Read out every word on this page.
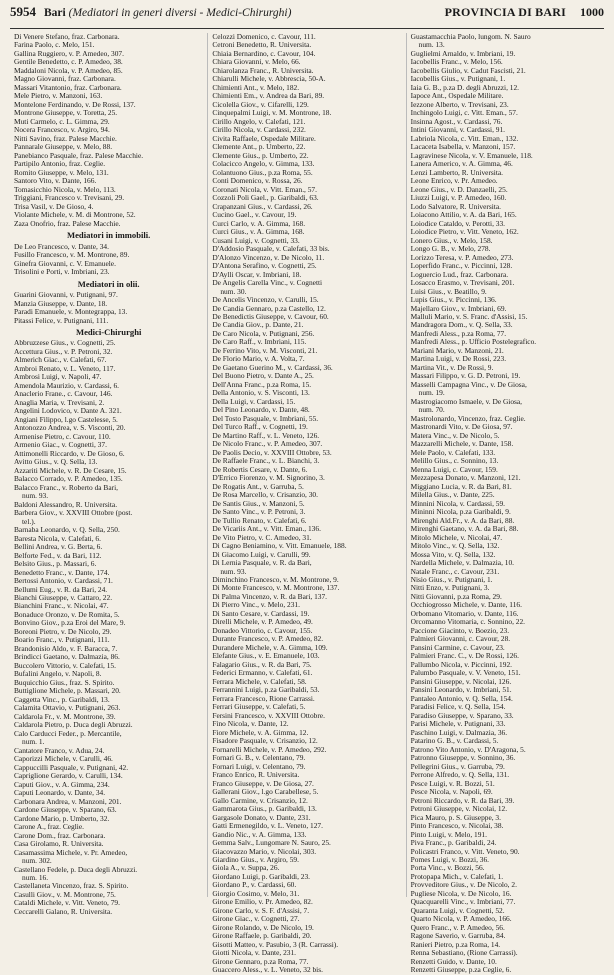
5954 Bari (Mediatori in generi diversi - Medici-Chirurghi)	PROVINCIA DI BARI 1000
Di Venere Stefano, fraz. Carbonara.
Farina Paolo, c. Melo, 151.
Gallina Ruggiero, v. P. Amedeo, 307.
Gentile Benedetto, c. P. Amedeo, 38.
Maddaloni Nicola, v. P. Amedeo, 85.
Magno Giovanni, fraz. Carbonara.
Massari Vitantonio, fraz. Carbonara.
Mele Pietro, v. Manzoni, 163.
Montelone Ferdinando, v. De Rossi, 137.
Montrone Giuseppe, v. Toretta, 25.
Muti Carmelo, c. L. Gimma, 29.
Nocera Francesco, v. Argiro, 94.
Nitti Savino, fraz. Palese Macchie.
Pannarale Giuseppe, v. Melo, 88.
Panebianco Pasquale, fraz. Palese Macchie.
Partipilo Antonio, fraz. Ceglie.
Romito Giuseppe, v. Melo, 131.
Santoro Vito, v. Dante, 166.
Tomasicchio Nicola, v. Melo, 113.
Triggiani, Francesco v. Trevisani, 29.
Trisa Vasil, v. De Gioso, 4.
Violante Michele, v. M. di Montrone, 52.
Zaza Onofrio, fraz. Palese Macchie.
Mediatori in immobili.
De Leo Francesco, v. Dante, 34.
Fusillo Francesco, v. M. Montrone, 89.
Ginefra Giovanni, c. V. Emanuele.
Trisolini e Porti, v. Imbriani, 23.
Mediatori in olii.
Guarini Giovanni, v. Putignani, 97.
Manzia Giuseppe, v. Dante, 18.
Paradi Emanuele, v. Montegrappa, 13.
Pitassi Felice, v. Putignani, 111.
Medici-Chirurghi
Abbruzzese Gius., v. Cognetti, 25.
Accettura Gius., v. P. Petroni, 32.
Almerich Giac., v. Calefati, 67.
Ambroi Renato, v. L. Veneto, 117.
Ambrosi Luigi, v. Napoli, 47.
Amendola Maurizio, v. Cardassi, 6.
Anaclerio Frane., c. Cavour, 146.
Anaglia Maria, v. Trevisani, 2.
Angelini Lodovico, v. Dante A. 321.
Angiani Filippo, l.go Castelesse, 5.
Antonozzo Andrea, v. S. Visconti, 20.
Armenise Pietro, c. Cavour, 110.
Armenio Giac., v. Cognetti, 37.
Attimonelli Riccardo, v. De Gioso, 6.
Avitto Gius., v. Q. Sella, 13.
Azzariti Michele, v. R. De Cesare, 15.
Balacco Corrado, v. P. Amedeo, 135.
Balacco Franc., v. Roberto da Bari,
num. 93.
Baldoni Alessandro, R. Universita.
Barbera Giov., v. XXVIII Ottobre (post.
tel.).
Barnaba Leonardo, v. Q. Sella, 250.
Baresta Nicola, v. Calefati, 6.
Bellini Andrea, v. G. Berta, 6.
Belforte Fed., v. da Bari, 112.
Belsito Gius., p. Massari, 6.
Benedetto Franc., v. Dante, 174.
Bertossi Antonio, v. Cardassi, 71.
Bellumi Eug., v. R. da Bari, 24.
Bianchi Giuseppe, v. Cattaro, 22.
Bianchini Franc., v. Nicolai, 47.
Bonaduce Oronzo, v. De Romita, 5.
Bonvino Giov., p.za Eroi del Mare, 9.
Boreoni Pietro, v. De Nicolo, 29.
Boario Franc., v. Putignani, 111.
Brandonisio Aldo, v. F. Baracca, 7.
Brindicci Gaetano, v. Dalmazia, 86.
Buccolero Vittorio, v. Calefati, 15.
Bufalini Angelo, v. Napoli, 8.
Buquicchio Gius., fraz. S. Spirito.
Buttiglione Michele, p. Massari, 20.
Caggetta Vinc., p. Garibaldi, 13.
Calamita Ottavio, v. Putignani, 263.
Caldarola Fr., v. M. Montrone, 39.
Caldarola Pietro, p. Duca degli Abruzzi.
Calo Carducci Feder., p. Mercantile,
num. 1.
Cantatore Franco, v. Adua, 24.
Caporizzi Michele, v. Carulli, 46.
Cappuccilli Pasquale, v. Putignani, 42.
Capriglione Gerardo, v. Carulli, 134.
Caputi Giov., v. A. Gimma, 234.
Caputi Leonardo, v. Dante, 34.
Carbonara Andrea, v. Manzoni, 201.
Cardone Giuseppe, v. Sparano, 63.
Cardone Mario, p. Umberto, 32.
Carone A., fraz. Ceglie.
Carone Dom., fraz. Carbonara.
Casa Girolamo, R. Universita.
Casamassima Michele, v. Pr. Amedeo,
num. 302.
Castellano Fedele, p. Duca degli Abruzzi.
num. 16.
Castellaneta Vincenzo, fraz. S. Spirito.
Casulli Giov., v. M. Montrone, 75.
Cataldi Michele, v. Vitt. Veneto, 79.
Ceccarelli Galano, R. Universita.
Celozzi Domenico, c. Cavour, 111.
Cetroni Benedetto, R. Universita.
Chiaia Bernardino, c. Cavour, 104.
Chiara Giovanni, v. Melo, 66.
Chiarolanza Franc., R. Universita.
Chiarulli Michele, v. Abbrescia, 50-A.
Chimienti Ant., v. Melo, 182.
Chimienti Em., v. Andrea da Bari, 89.
Cicolella Giov., v. Cifarelli, 129.
Cinquepalmi Luigi, v. M. Montrone, 18.
Cirillo Angelo, v. Calefati, 121.
Cirillo Nicola, v. Cardassi, 232.
Civita Raffaele, Ospedale Militare.
Clemente Ant., p. Umberto, 22.
Clemente Gius., p. Umberto, 22.
Colacicco Angelo, v. Gimma, 133.
Colantuono Gius., p.za Roma, 55.
Conti Domenico, v. Rossa, 26.
Coronati Nicola, v. Vitt. Eman., 57.
Cozzoli Poli Gael., p. Garibaldi, 63.
Crapanzani Gius., v. Cardassi, 26.
Cucino Gael., v. Cavour, 19.
Curci Carlo, v. A. Gimma, 168.
Curci Gius., v. A. Gimma, 168.
Cusani Luigi, v. Cognetti, 33.
D'Addosio Pasquale, v. Calefati, 33 bis.
D'Alonzo Vincenzo, v. De Nicolo, 11.
D'Antona Serafino, v. Cognetti, 25.
D'Aylli Oscar, v. Imbriani, 18.
De Angelis Carella Vinc., v. Cognetti
num. 30.
De Ancelis Vincenzo, v. Carulli, 15.
De Candia Gennaro, p.za Castello, 12.
De Benedictis Giuseppe, v. Cavour, 60.
De Candia Giov., p. Dante, 21.
De Caro Nicola, v. Putignani, 256.
De Caro Raff., v. Imbriani, 115.
De Ferrino Vito, v. M. Visconti, 21.
De Florio Mario, v. A. Volta, 7.
De Gaetano Guerino M., v. Cardassi, 36.
Del Buono Pietro, v. Dante A., 25.
Dell'Anna Franc., p.za Roma, 15.
Della Antonio, v. S. Visconti, 13.
Della Luigi, v. Cardassi, 15.
Del Pino Leonardo, v. Dante, 48.
Del Tosto Pasquale, v. Imbriani, 55.
Del Turco Raff., v. Cognetti, 19.
De Martino Raff., v. L. Veneto, 126.
De Nicolo Franc., v. P. Amedeo, 307.
De Paolis Decio, v. XXVIII Ottobre, 53.
De Raffaele Franc., v. L. Bianchi, 3.
De Robertis Cesare, v. Dante, 6.
D'Errico Fiorenzo, v. M. Signorino, 3.
De Rogatis Ant., v. Garruba, 5.
De Rosa Marcello, v. Crisanzio, 30.
De Santis Gius., v. Manzoni, 5.
De Santo Vinc., v. P. Petroni, 3.
De Tullio Renato, v. Calefati, 6.
De Vicariis Ant., v. Vitt. Eman., 136.
De Vito Pietro, v. C. Amedeo, 31.
Di Cagno Beniamino, v. Vitt. Emanuele, 188.
Di Giacomo Luigi, v. Carulli, 99.
Di Lernia Pasquale, v. R. da Bari,
num. 93.
Diminchino Francesco, v. M. Montrone, 9.
Di Monte Francesco, v. M. Montrone, 137.
Di Palma Vincenzo, v. R. da Bari, 137.
Di Pierro Vinc., v. Melo, 231.
Di Santo Cesare, v. Cardassi, 19.
Direlli Michele, v. P. Amedeo, 49.
Donadeo Vittorio, c. Cavour, 155.
Durante Francesco, v. P. Amedeo, 82.
Durandere Michele, v. A. Gimma, 109.
Elefante Gius., v. E. Emanuele, 103.
Falagario Gius., v. R. da Bari, 75.
Federici Ermanno, v. Calefati, 61.
Ferrara Michele, v. Calefati, 58.
Ferrannini Luigi, p.za Garibaldi, 53.
Ferrara Francesco, Rione Carrassi.
Ferrari Giuseppe, v. Calefati, 5.
Fersini Francesco, v. XXVIII Ottobre.
Fino Nicola, v. Dante, 12.
Fiore Michele, v. A. Gimma, 12.
Fisadore Pasquale, v. Crisanzio, 12.
Fornarelli Michele, v. P. Amedeo, 292.
Fornari G. B., v. Celentano, 79.
Fornari Luigi, v. Celentano, 79.
Franco Enrico, R. Universita.
Franco Giuseppe, v. De Giosa, 27.
Gallerani Giov., l.go Carabellese, 5.
Gallo Carmine, v. Crisanzio, 12.
Gammarota Gius., p. Garibaldi, 13.
Gargasole Donato, v. Dante, 231.
Gatti Ermenegildo, v. L. Veneto, 127.
Gandio Nic., v. A. Gimma, 133.
Gemma Salv., Lungomare N. Sauro, 25.
Giacovazzo Mario, v. Nicolai, 303.
Giardino Gius., v. Argiro, 59.
Giola A., v. Suppa, 26.
Giordano Luigi, p. Garibaldi, 23.
Giordano P., v. Cardassi, 60.
Giorgio Cosimo, v. Melo, 31.
Girone Emilio, v. Pr. Amedeo, 82.
Girone Carlo, v. S. F. d'Assisi, 7.
Girone Giac., v. Cognetti, 27.
Girone Rolando, v. De Nicolo, 19.
Girone Raffaele, p. Garibaldi, 20.
Gisotti Matteo, v. Pasubio, 3 (R. Carrassi).
Giotti Nicola, v. Dante, 231.
Girone Gennaro, p.za Roma, 77.
Guaccero Aless., v. L. Veneto, 32 bis.
Guastamacchia Paolo, lungom. N. Sauro
num. 13.
Guglielmi Arnaldo, v. Imbriani, 19.
Iacobellis Franc., v. Melo, 156.
Iacobellis Giulio, v. Cadut Fascisti, 21.
Iacobellis Gius., v. Putignani, 1.
Iaia G. B., p.za D. degli Abruzzi, 12.
Iapoce Ant., Ospedale Militare.
Iezzone Alberto, v. Trevisani, 23.
Inchingolo Luigi, c. Vitt. Eman., 57.
Insinna Agost., v. Cardassi, 76.
Intini Giovanni, v. Cardassi, 91.
Labriola Nicola, c. Vitt. Eman., 132.
Lacaceta Isabella, v. Manzoni, 157.
Lagravinese Nicola, v. V. Emanuele, 118.
Lanera Americo, v. A. Gimma, 46.
Lenzi Lamberto, R. Universita.
Leone Enrico, v. Pr. Amedeo.
Leone Gius., v. D. Danzaelli, 25.
Liuzzi Luigi, v. P. Amedeo, 160.
Lodo Salvatore, R. Universita.
Loiacono Attilio, v. A. da Bari, 165.
Loiodice Cataldo, v. Perotti, 33.
Loiodice Pietro, v. Vitt. Veneto, 162.
Lonero Gius., v. Melo, 158.
Longo G. B., v. Melo, 278.
Lorizzo Teresa, v. P. Amedeo, 273.
Loperfido Franc., v. Piccinni, 128.
Loguercio Lud., fraz. Carbonara.
Losacco Erasmo, v. Trevisani, 201.
Luisi Gius., v. Beatillo, 9.
Lupis Gius., v. Piccinni, 136.
Majellaro Giov., v. Imbriani, 69.
Malluli Mario, v. S. Franc. d'Assisi, 15.
Mandragora Dom., v. Q. Sella, 33.
Manfredi Aless., p.za Roma, 77.
Manfredi Aless., p. Ufficio Postelegrafico.
Mariani Mario, v. Manzoni, 21.
Martina Luigi, v. De Rossi, 223.
Martina Vit., v. De Rossi, 9.
Massari Filippo, v. G. D. Petroni, 19.
Masselli Campagna Vinc., v. De Giosa,
num. 19.
Mastrogiacomo Ismaele, v. De Giosa,
num. 70.
Mastrolonardo, Vincenzo, fraz. Ceglie.
Mastronardi Vito, v. De Giosa, 97.
Matera Vinc., v. De Nicolo, 5.
Mazzarelli Michele, v. Dante, 158.
Mele Paolo, v. Calefati, 133.
Melillo Gius., c. Sonnino, 13.
Menna Luigi, c. Cavour, 159.
Mezzapesa Donato, v. Manzoni, 121.
Miggiano Lucia, v. R. da Bari, 81.
Milella Gius., v. Dante, 225.
Minnini Nicola, v. Cardassi, 59.
Mininni Nicola, p.za Garibaldi, 9.
Mirenghi Ald.Fr., v. A. da Bari, 88.
Mirenghi Gaetano, v. A. da Bari, 88.
Mitolo Michele, v. Nicolai, 47.
Mitolo Vinc., v. Q. Sella, 132.
Mossa Vito, v. Q. Sella, 132.
Nardella Michele, v. Dalmazia, 10.
Natale Franc., c. Cavour, 231.
Nisio Gius., v. Putignani, 1.
Nitti Enzo, v. Putignani, 3.
Nitti Giovanni, p.za Roma, 29.
Occhiogrosso Michele, v. Dante, 116.
Orbomano Vitomario, v. Dante, 116.
Orcomanno Vitomaria, c. Sonnino, 22.
Paccione Giacinto, v. Boezio, 23.
Palmieri Giovanni, c. Cavour, 28.
Pansini Carmine, c. Cavour, 23.
Palmieri Franc. C., v. De Rossi, 126.
Pallumbo Nicola, v. Piccinni, 192.
Palumbo Pasquale, v. V. Veneto, 151.
Pansini Giuseppe, v. Nicolai, 126.
Pansini Leonardo, v. Imbriani, 51.
Pantaleo Antonio, v. Q. Sella, 154.
Paradisi Felice, v. Q. Sella, 154.
Paradiso Giuseppe, v. Sparano, 33.
Parisi Michele, v. Putignani, 33.
Paschino Luigi, v. Dalmazia, 36.
Patarino G. B., v. Cardassi, 5.
Patrono Vito Antonio, v. D'Aragona, 5.
Patronno Giuseppe, v. Sonnino, 36.
Pellegrini Gius., v. Garruba, 79.
Perrone Alfredo, v. Q. Sella, 131.
Pesce Luigi, v. R. Bozzi, 51.
Pesce Nicola, v. Napoli, 69.
Petroni Riccardo, v. R. da Bari, 39.
Petroni Giuseppe, v. Nicolai, 12.
Pica Mauro, p. S. Giuseppe, 3.
Pinto Francesco, v. Nicolai, 38.
Pinto Luigi, v. Melo, 191.
Piva Franc., p. Garibaldi, 24.
Policastri Franco, v. Vitt. Veneto, 90.
Pomes Luigi, v. Bozzi, 36.
Porta Vinc., v. Bozzi, 56.
Protopapa Mich., v. Calefati, 1.
Provveditore Gius., v. De Nicolo, 2.
Pugliese Nicola, v. De Nicolo, 16.
Quacquarelli Vinc., v. Imbriani, 77.
Quaranta Luigi, v. Cognetti, 52.
Quarto Nicola, v. P. Amedeo, 166.
Quero Franc., v. P. Amedeo, 56.
Ragone Saverio, v. Garruba, 84.
Ranieri Pietro, p.za Roma, 14.
Renna Sebastiano, (Rione Carrassi).
Renzetti Guido, v. Dante, 10.
Renzetti Giuseppe, p.za Ceglie, 6.
